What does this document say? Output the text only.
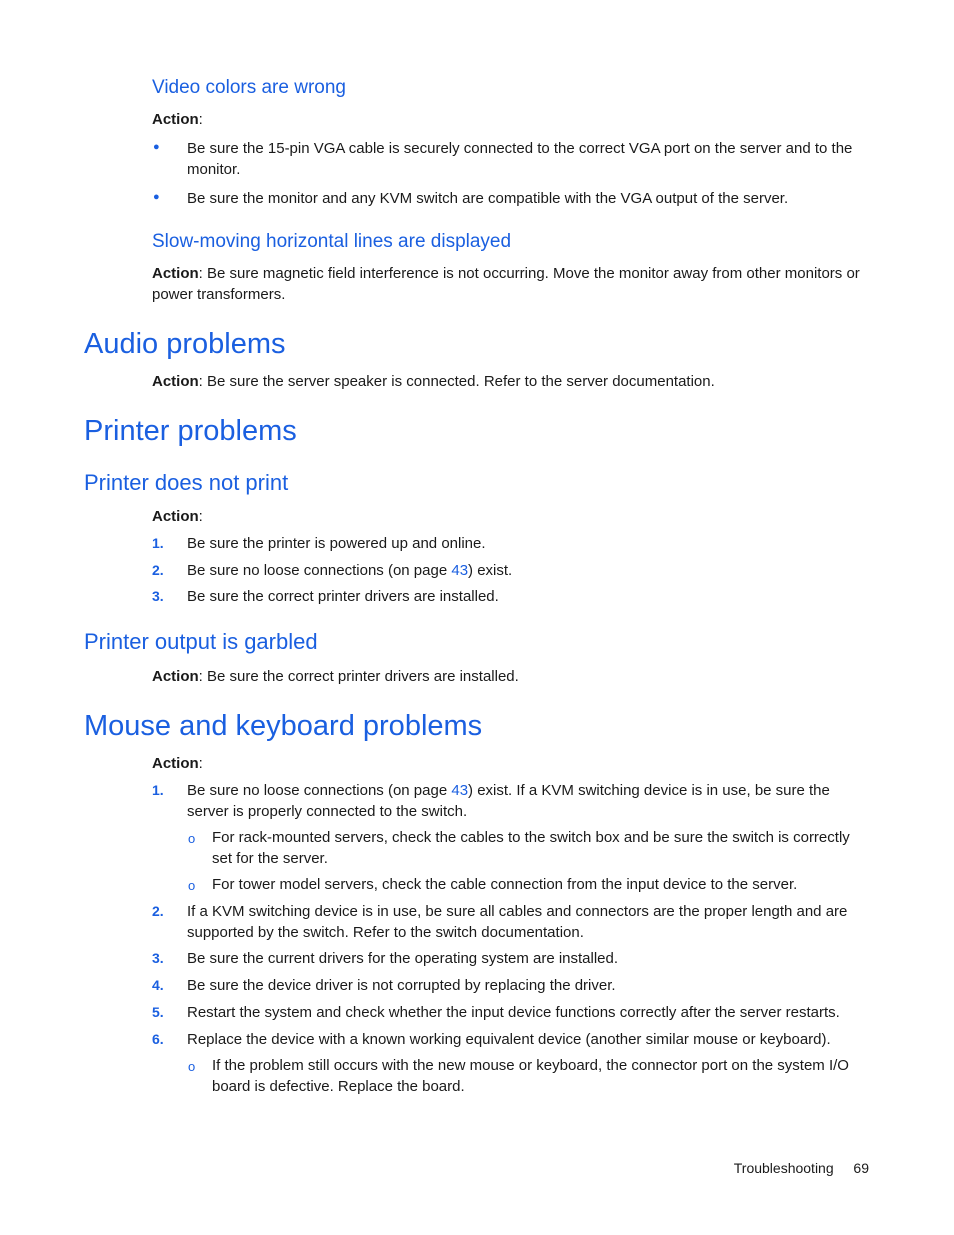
Video colors are wrong

Action:

● Be sure the 15-pin VGA cable is securely connected to the correct VGA port on the server and to the monitor.

● Be sure the monitor and any KVM switch are compatible with the VGA output of the server.

Slow-moving horizontal lines are displayed

Action: Be sure magnetic field interference is not occurring. Move the monitor away from other monitors or power transformers.

Audio problems

Action: Be sure the server speaker is connected. Refer to the server documentation.

Printer problems
Printer does not print

Action:

1. Be sure the printer is powered up and online.

2. Be sure no loose connections (on page 43) exist.

3. Be sure the correct printer drivers are installed.

Printer output is garbled

Action: Be sure the correct printer drivers are installed.

Mouse and keyboard problems

Action:

1. Be sure no loose connections (on page 43) exist. If a KVM switching device is in use, be sure the server is properly connected to the switch.

o For rack-mounted servers, check the cables to the switch box and be sure the switch is correctly set for the server.

o For tower model servers, check the cable connection from the input device to the server.

2. If a KVM switching device is in use, be sure all cables and connectors are the proper length and are supported by the switch. Refer to the switch documentation.

3. Be sure the current drivers for the operating system are installed.

4. Be sure the device driver is not corrupted by replacing the driver.

5. Restart the system and check whether the input device functions correctly after the server restarts.

6. Replace the device with a known working equivalent device (another similar mouse or keyboard).

o If the problem still occurs with the new mouse or keyboard, the connector port on the system I/O board is defective. Replace the board.

Troubleshooting 69
